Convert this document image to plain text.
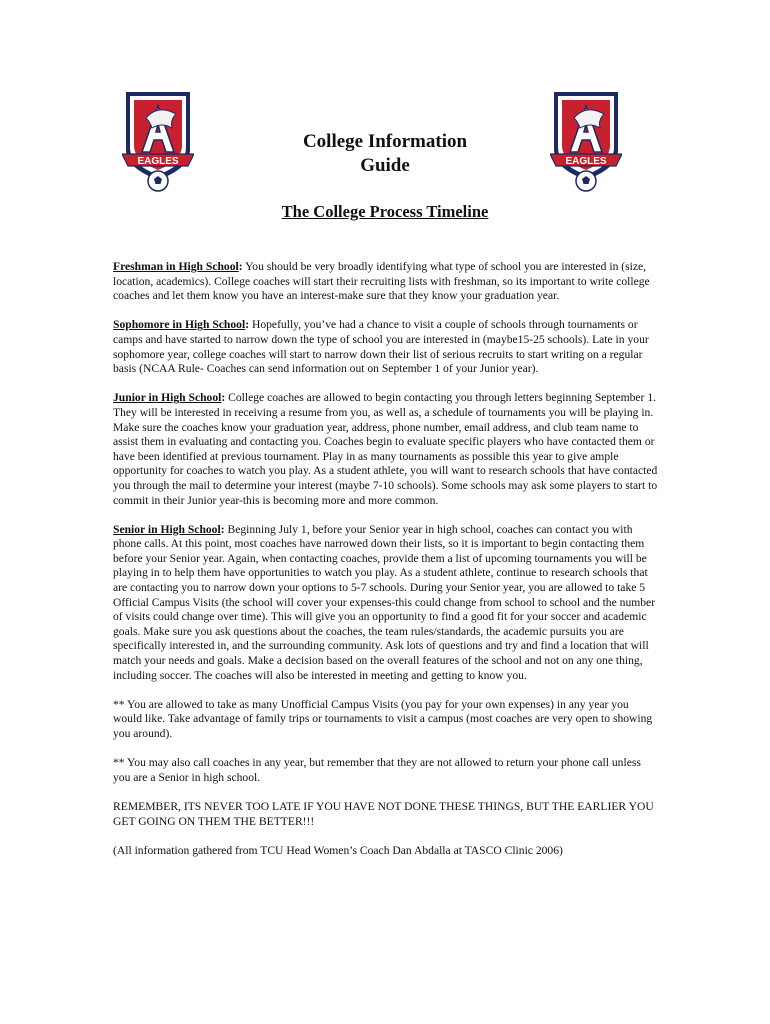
EAGLES	EAGLES
College Information
Guide
The College Process Timeline

Freshman in High School: You should be very broadly identifying what type of school you are interested in (size, location, academics). College coaches will start their recruiting lists with freshman, so its important to write college coaches and let them know you have an interest-make sure that they know your graduation year.

Sophomore in High School: Hopefully, you’ve had a chance to visit a couple of schools through tournaments or camps and have started to narrow down the type of school you are interested in (maybe15-25 schools). Late in your sophomore year, college coaches will start to narrow down their list of serious recruits to start writing on a regular basis (NCAA Rule- Coaches can send information out on September 1 of your Junior year).

Junior in High School: College coaches are allowed to begin contacting you through letters beginning September 1. They will be interested in receiving a resume from you, as well as, a schedule of tournaments you will be playing in. Make sure the coaches know your graduation year, address, phone number, email address, and club team name to assist them in evaluating and contacting you. Coaches begin to evaluate specific players who have contacted them or have been identified at previous tournament. Play in as many tournaments as possible this year to give ample opportunity for coaches to watch you play. As a student athlete, you will want to research schools that have contacted you through the mail to determine your interest (maybe 7-10 schools). Some schools may ask some players to start to commit in their Junior year-this is becoming more and more common.

Senior in High School: Beginning July 1, before your Senior year in high school, coaches can contact you with phone calls. At this point, most coaches have narrowed down their lists, so it is important to begin contacting them before your Senior year. Again, when contacting coaches, provide them a list of upcoming tournaments you will be playing in to help them have opportunities to watch you play. As a student athlete, continue to research schools that are contacting you to narrow down your options to 5-7 schools. During your Senior year, you are allowed to take 5 Official Campus Visits (the school will cover your expenses-this could change from school to school and the number of visits could change over time). This will give you an opportunity to find a good fit for your soccer and academic goals. Make sure you ask questions about the coaches, the team rules/standards, the academic pursuits you are specifically interested in, and the surrounding community. Ask lots of questions and try and find a location that will match your needs and goals. Make a decision based on the overall features of the school and not on any one thing, including soccer. The coaches will also be interested in meeting and getting to know you.

** You are allowed to take as many Unofficial Campus Visits (you pay for your own expenses) in any year you would like. Take advantage of family trips or tournaments to visit a campus (most coaches are very open to showing you around).

** You may also call coaches in any year, but remember that they are not allowed to return your phone call unless you are a Senior in high school.

REMEMBER, ITS NEVER TOO LATE IF YOU HAVE NOT DONE THESE THINGS, BUT THE EARLIER YOU GET GOING ON THEM THE BETTER!!!

(All information gathered from TCU Head Women’s Coach Dan Abdalla at TASCO Clinic 2006)
